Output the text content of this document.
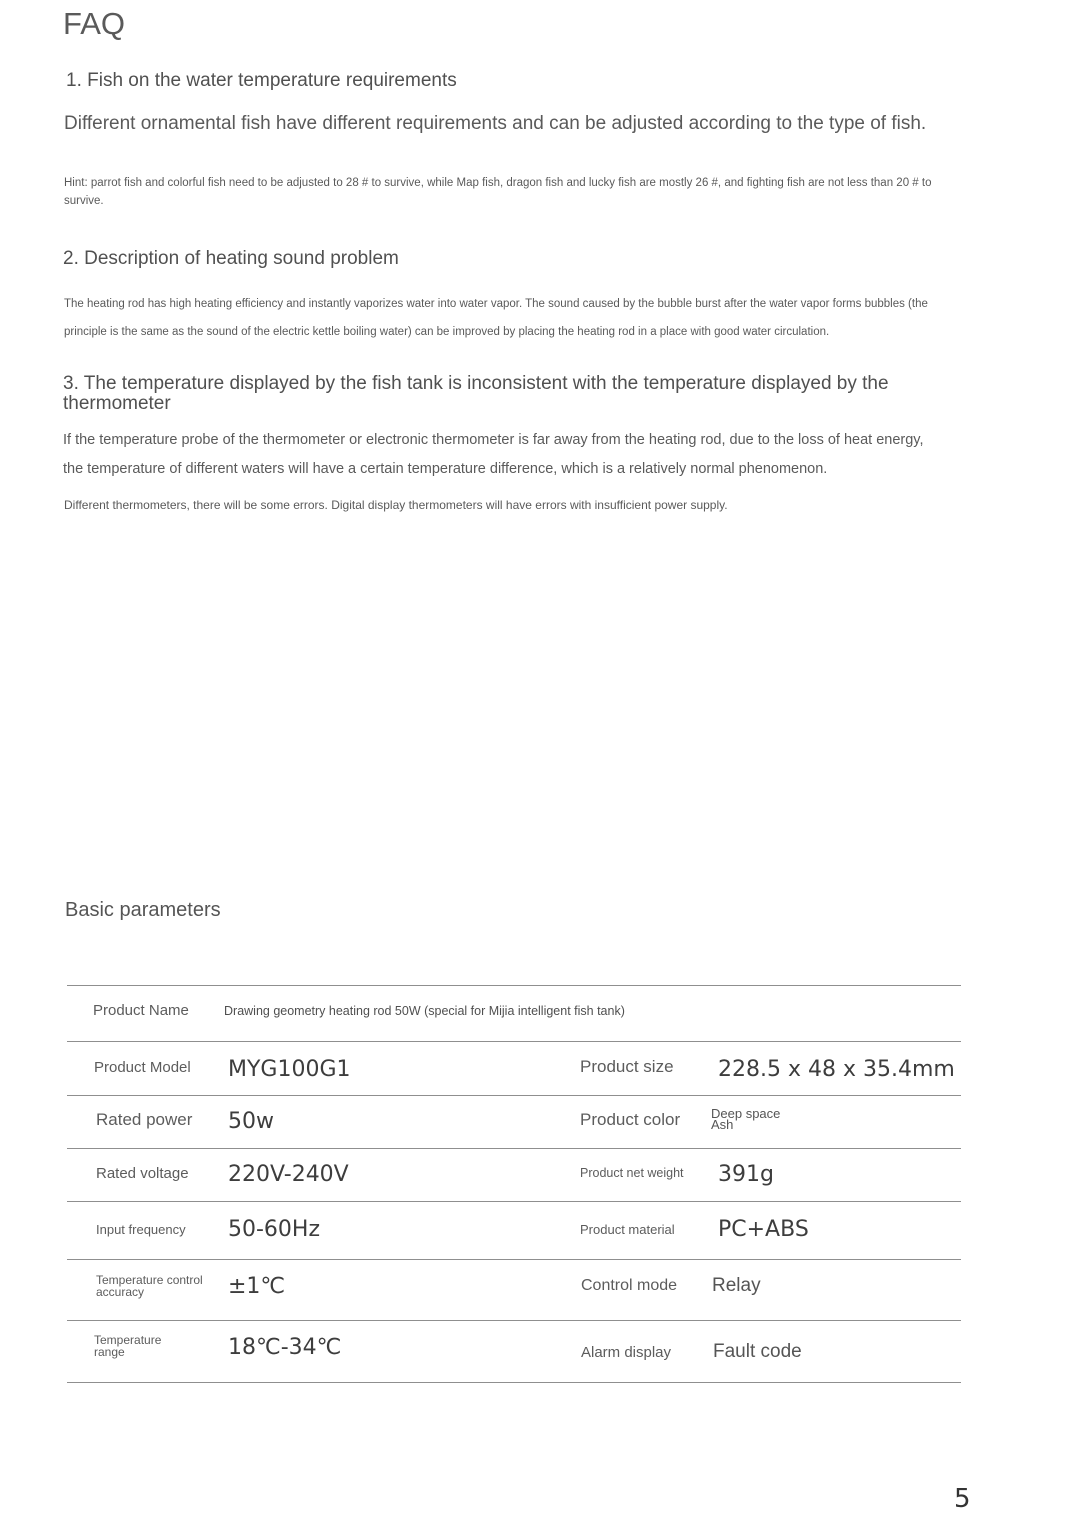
FAQ
1. Fish on the water temperature requirements
Different ornamental fish have different requirements and can be adjusted according to the type of fish.
Hint: parrot fish and colorful fish need to be adjusted to 28 # to survive, while Map fish, dragon fish and lucky fish are mostly 26 #, and fighting fish are not less than 20 # to survive.
2. Description of heating sound problem
The heating rod has high heating efficiency and instantly vaporizes water into water vapor. The sound caused by the bubble burst after the water vapor forms bubbles (the principle is the same as the sound of the electric kettle boiling water) can be improved by placing the heating rod in a place with good water circulation.
3. The temperature displayed by the fish tank is inconsistent with the temperature displayed by the thermometer
If the temperature probe of the thermometer or electronic thermometer is far away from the heating rod, due to the loss of heat energy, the temperature of different waters will have a certain temperature difference, which is a relatively normal phenomenon.
Different thermometers, there will be some errors. Digital display thermometers will have errors with insufficient power supply.
Basic parameters
Product Name	Drawing geometry heating rod 50W (special for Mijia intelligent fish tank)
Product Model MYG100G1	Product size 228.5 x 48 x 35.4mm
Rated power 50w	Product color Deep space Ash
Rated voltage 220V-240V	Product net weight 391g
Input frequency 50-60Hz	Product material PC+ABS
Temperature control accuracy	±1℃	Control mode Relay
Temperature range	18℃-34℃	Alarm display Fault code
5
